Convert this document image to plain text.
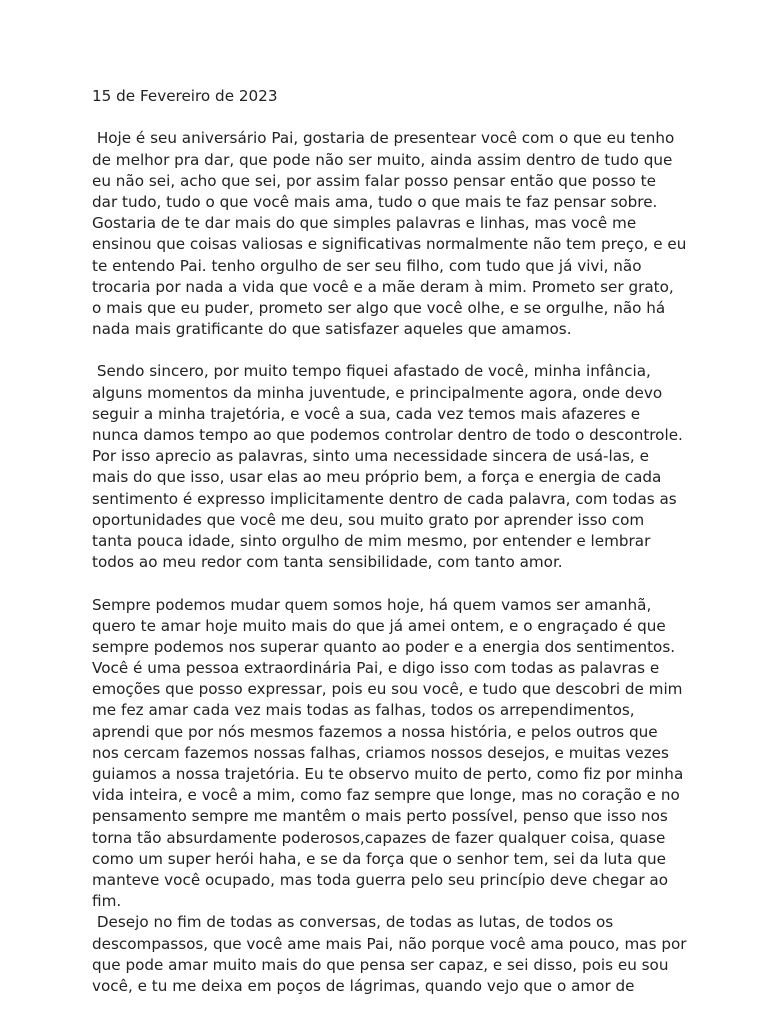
15 de Fevereiro de 2023
Hoje é seu aniversário Pai, gostaria de presentear você com o que eu tenho
de melhor pra dar, que pode não ser muito, ainda assim dentro de tudo que
eu não sei, acho que sei, por assim falar posso pensar então que posso te
dar tudo, tudo o que você mais ama, tudo o que mais te faz pensar sobre.
Gostaria de te dar mais do que simples palavras e linhas, mas você me
ensinou que coisas valiosas e significativas normalmente não tem preço, e eu
te entendo Pai. tenho orgulho de ser seu filho, com tudo que já vivi, não
trocaria por nada a vida que você e a mãe deram à mim. Prometo ser grato,
o mais que eu puder, prometo ser algo que você olhe, e se orgulhe, não há
nada mais gratificante do que satisfazer aqueles que amamos.
Sendo sincero, por muito tempo fiquei afastado de você, minha infância,
alguns momentos da minha juventude, e principalmente agora, onde devo
seguir a minha trajetória, e você a sua, cada vez temos mais afazeres e
nunca damos tempo ao que podemos controlar dentro de todo o descontrole.
Por isso aprecio as palavras, sinto uma necessidade sincera de usá-las, e
mais do que isso, usar elas ao meu próprio bem, a força e energia de cada
sentimento é expresso implicitamente dentro de cada palavra, com todas as
oportunidades que você me deu, sou muito grato por aprender isso com
tanta pouca idade, sinto orgulho de mim mesmo, por entender e lembrar
todos ao meu redor com tanta sensibilidade, com tanto amor.
Sempre podemos mudar quem somos hoje, há quem vamos ser amanhã,
quero te amar hoje muito mais do que já amei ontem, e o engraçado é que
sempre podemos nos superar quanto ao poder e a energia dos sentimentos.
Você é uma pessoa extraordinária Pai, e digo isso com todas as palavras e
emoções que posso expressar, pois eu sou você, e tudo que descobri de mim
me fez amar cada vez mais todas as falhas, todos os arrependimentos,
aprendi que por nós mesmos fazemos a nossa história, e pelos outros que
nos cercam fazemos nossas falhas, criamos nossos desejos, e muitas vezes
guiamos a nossa trajetória. Eu te observo muito de perto, como fiz por minha
vida inteira, e você a mim, como faz sempre que longe, mas no coração e no
pensamento sempre me mantêm o mais perto possível, penso que isso nos
torna tão absurdamente poderosos,capazes de fazer qualquer coisa, quase
como um super herói haha, e se da força que o senhor tem, sei da luta que
manteve você ocupado, mas toda guerra pelo seu princípio deve chegar ao
fim.
Desejo no fim de todas as conversas, de todas as lutas, de todos os
descompassos, que você ame mais Pai, não porque você ama pouco, mas por
que pode amar muito mais do que pensa ser capaz, e sei disso, pois eu sou
você, e tu me deixa em poços de lágrimas, quando vejo que o amor de
